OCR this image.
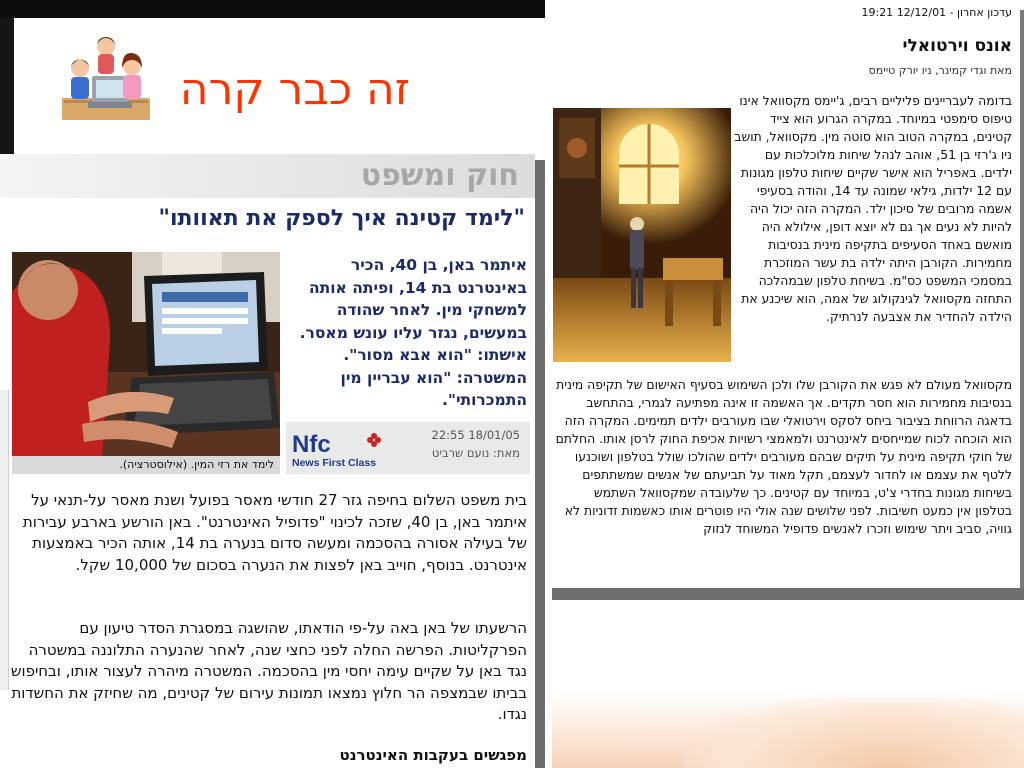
זה כבר קרה
עדכון אחרון - 12/12/01 19:21
אונס וירטואלי
מאת וגדי קמינר, ניו יורק טיימס

בדומה לעבריינים פליליים רבים, ג'יימס מקסוואל אינו טיפוס סימפטי במיוחד. במקרה הגרוע הוא צייד קטינים, במקרה הטוב הוא סוטה מין. מקסוואל, תושב ניו ג'רזי בן 51, אוהב לנהל שיחות מלוכלכות עם ילדים. באפריל הוא אישר שקיים שיחות טלפון מגונות עם 12 ילדות, גילאי שמונה עד 14, והודה בסעיפי אשמה מרובים של סיכון ילד. המקרה הזה יכול היה להיות לא נעים אך גם לא יוצא דופן, אילולא היה מואשם באחד הסעיפים בתקיפה מינית בנסיבות מחמירות. הקורבן היתה ילדה בת עשר המוזכרת במסמכי המשפט כס"מ. בשיחת טלפון שבמהלכה התחזה מקסוואל לגינקולוג של אמה, הוא שיכנע את הילדה להחדיר את אצבעה לנרתיק.

מקסוואל מעולם לא פגש את הקורבן שלו ולכן השימוש בסעיף האישום של תקיפה מינית בנסיבות מחמירות הוא חסר תקדים. אך האשמה זו אינה מפתיעה לגמרי, בהתחשב בדאגה הרווחת בציבור ביחס לסקס וירטואלי שבו מעורבים ילדים תמימים. המקרה הזה הוא הוכחה לכוח שמייחסים לאינטרנט ולמאמצי רשויות אכיפת החוק לרסן אותו. החלתם של חוקי תקיפה מינית על תיקים שבהם מעורבים ילדים שהולכו שולל בטלפון ושוכנעו ללטף את עצמם או לחדור לעצמם, תקל מאוד על תביעתם של אנשים שמשתתפים בשיחות מגונות בחדרי צ'ט, במיוחד עם קטינים. כך שלעובדה שמקסוואל השתמש בטלפון אין כמעט חשיבות. לפני שלושים שנה אולי היו פוטרים אותו כאשמות זדוניות לא גוויה, סביב ויתר שימוש וזכרו לאנשים פדופיל המשוחד לנזוק

חוק ומשפט
"לימד קטינה איך לספק את תאוותו"
לימד את רזי המין. (אילוסטרציה).

איתמר באן, בן 40, הכיר באינטרנט בת 14, ופיתה אותה למשחקי מין. לאחר שהודה במעשים, נגזר עליו עונש מאסר. אישתו: "הוא אבא מסור". המשטרה: "הוא עבריין מין התמכרותי".

Nfc
News First Class
22:55 18/01/05
מאת: נועם שרביט

בית משפט השלום בחיפה גזר 27 חודשי מאסר בפועל ושנת מאסר על-תנאי על איתמר באן, בן 40, שזכה לכינוי "פדופיל האינטרנט". באן הורשע בארבע עבירות של בעילה אסורה בהסכמה ומעשה סדום בנערה בת 14, אותה הכיר באמצעות אינטרנט. בנוסף, חוייב באן לפצות את הנערה בסכום של 10,000 שקל.

הרשעתו של באן באה על-פי הודאתו, שהושגה במסגרת הסדר טיעון עם הפרקליטות. הפרשה החלה לפני כחצי שנה, לאחר שהנערה התלוננה במשטרה נגד באן על שקיים עימה יחסי מין בהסכמה. המשטרה מיהרה לעצור אותו, ובחיפוש בביתו שבמצפה הר חלוץ נמצאו תמונות עירום של קטינים, מה שחיזק את החשדות נגדו.

מפגשים בעקבות האינטרנט
